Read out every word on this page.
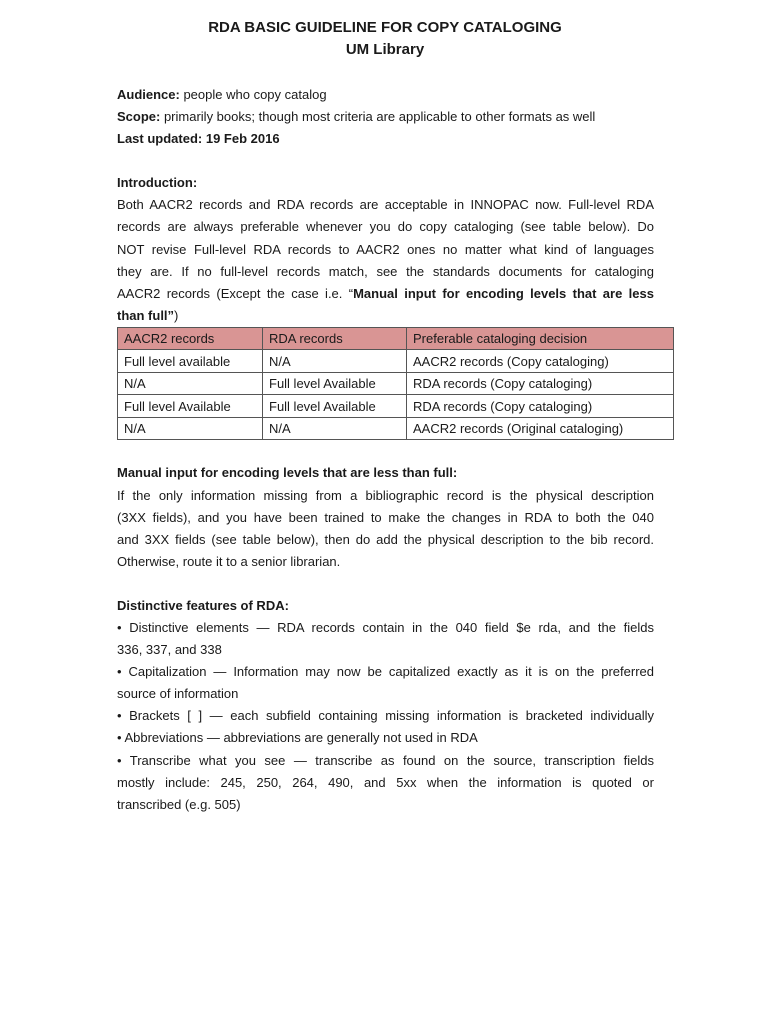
RDA BASIC GUIDELINE FOR COPY CATALOGING
UM Library
Audience: people who copy catalog
Scope: primarily books; though most criteria are applicable to other formats as well
Last updated: 19 Feb 2016
Introduction:
Both AACR2 records and RDA records are acceptable in INNOPAC now. Full-level RDA
records are always preferable whenever you do copy cataloging (see table below). Do
NOT revise Full-level RDA records to AACR2 ones no matter what kind of languages
they are. If no full-level records match, see the standards documents for cataloging
AACR2 records (Except the case i.e. “Manual input for encoding levels that are less
than full”)
AACR2 records	RDA records	Preferable cataloging decision
Full level available	N/A	AACR2 records (Copy cataloging)
N/A	Full level Available	RDA records (Copy cataloging)
Full level Available	Full level Available	RDA records (Copy cataloging)
N/A	N/A	AACR2 records (Original cataloging)
Manual input for encoding levels that are less than full:
If the only information missing from a bibliographic record is the physical description
(3XX fields), and you have been trained to make the changes in RDA to both the 040
and 3XX fields (see table below), then do add the physical description to the bib record.
Otherwise, route it to a senior librarian.
Distinctive features of RDA:
• Distinctive elements — RDA records contain in the 040 field $e rda, and the fields
336, 337, and 338
• Capitalization — Information may now be capitalized exactly as it is on the preferred
source of information
• Brackets [ ] — each subfield containing missing information is bracketed individually
• Abbreviations — abbreviations are generally not used in RDA
• Transcribe what you see — transcribe as found on the source, transcription fields
mostly include: 245, 250, 264, 490, and 5xx when the information is quoted or
transcribed (e.g. 505)
